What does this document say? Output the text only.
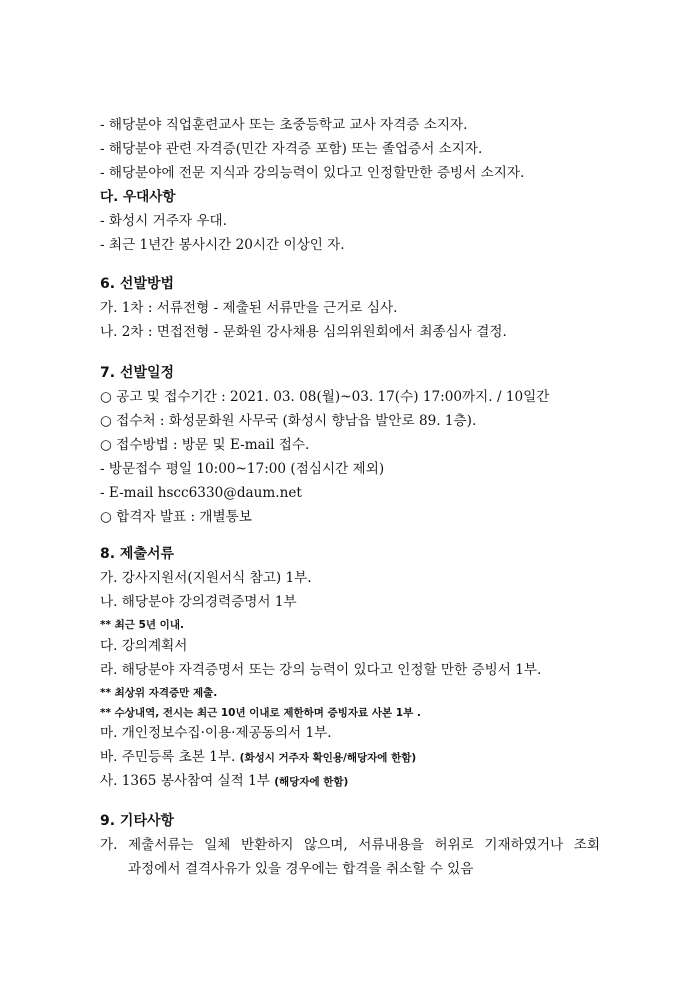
- 해당분야 직업훈련교사 또는 초중등학교 교사 자격증 소지자.
- 해당분야 관련 자격증(민간 자격증 포함) 또는 졸업증서 소지자.
- 해당분야에 전문 지식과 강의능력이 있다고 인정할만한 증빙서 소지자.
다. 우대사항
- 화성시 거주자 우대.
- 최근 1년간 봉사시간 20시간 이상인 자.
6. 선발방법
가. 1차 : 서류전형 - 제출된 서류만을 근거로 심사.
나. 2차 : 면접전형 - 문화원 강사채용 심의위원회에서 최종심사 결정.
7. 선발일정
○ 공고 및 접수기간 : 2021. 03. 08(월)~03. 17(수) 17:00까지. / 10일간
○ 접수처 : 화성문화원 사무국 (화성시 향남읍 발안로 89. 1층).
○ 접수방법 : 방문 및 E-mail 접수.
- 방문접수 평일 10:00~17:00 (점심시간 제외)
- E-mail hscc6330@daum.net
○ 합격자 발표 : 개별통보
8. 제출서류
가. 강사지원서(지원서식 참고) 1부.
나. 해당분야 강의경력증명서 1부
** 최근 5년 이내.
다. 강의계획서
라. 해당분야 자격증명서 또는 강의 능력이 있다고 인정할 만한 증빙서 1부.
** 최상위 자격증만 제출.
** 수상내역, 전시는 최근 10년 이내로 제한하며 증빙자료 사본 1부 .
마. 개인정보수집·이용·제공동의서 1부.
바. 주민등록 초본 1부. (화성시 거주자 확인용/해당자에 한함)
사. 1365 봉사참여 실적 1부 (해당자에 한함)
9. 기타사항
가. 제출서류는 일체 반환하지 않으며, 서류내용을 허위로 기재하였거나 조회
과정에서 결격사유가 있을 경우에는 합격을 취소할 수 있음
